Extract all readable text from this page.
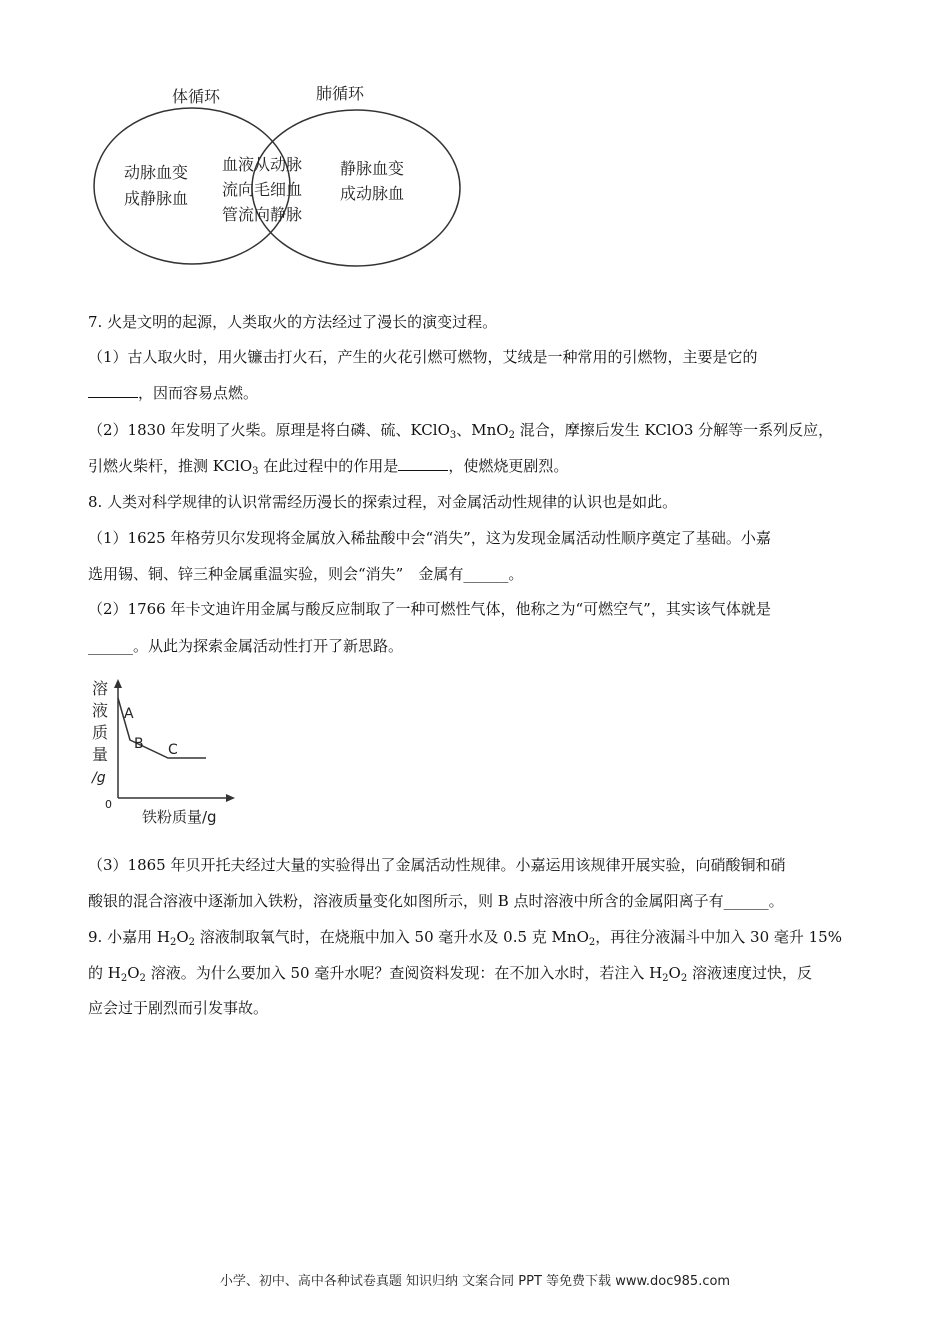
体循环	肺循环
动脉血变
成静脉血
血液从动脉
流向毛细血
管流向静脉
静脉血变
成动脉血
7. 火是文明的起源，人类取火的方法经过了漫长的演变过程。
（1）古人取火时，用火镰击打火石，产生的火花引燃可燃物，艾绒是一种常用的引燃物，主要是它的
，因而容易点燃。
（2）1830 年发明了火柴。原理是将白磷、硫、KClO$_3$、MnO$_2$ 混合，摩擦后发生 KClO3 分解等一系列反应，
引燃火柴杆，推测 KClO$_3$ 在此过程中的作用是	，使燃烧更剧烈。
8. 人类对科学规律的认识常需经历漫长的探索过程，对金属活动性规律的认识也是如此。
（1）1625 年格劳贝尔发现将金属放入稀盐酸中会“消失”，这为发现金属活动性顺序奠定了基础。小嘉
选用锡、铜、锌三种金属重温实验，则会“消失”　金属有______。
（2）1766 年卡文迪许用金属与酸反应制取了一种可燃性气体，他称之为“可燃空气”，其实该气体就是
______。从此为探索金属活动性打开了新思路。
溶
液
质
量
/g
0
铁粉质量/g
A
B C
（3）1865 年贝开托夫经过大量的实验得出了金属活动性规律。小嘉运用该规律开展实验，向硝酸铜和硝
酸银的混合溶液中逐渐加入铁粉，溶液质量变化如图所示，则 B 点时溶液中所含的金属阳离子有______。
9. 小嘉用 $H_2O_2$ 溶液制取氧气时，在烧瓶中加入 50 毫升水及 0.5 克 MnO$_2$，再往分液漏斗中加入 30 毫升 15%
的 $H_2O_2$ 溶液。为什么要加入 50 毫升水呢？查阅资料发现：在不加入水时，若注入 $H_2O_2$ 溶液速度过快，反
应会过于剧烈而引发事故。
小学、初中、高中各种试卷真题 知识归纳 文案合同 PPT 等免费下载 www.doc985.com
